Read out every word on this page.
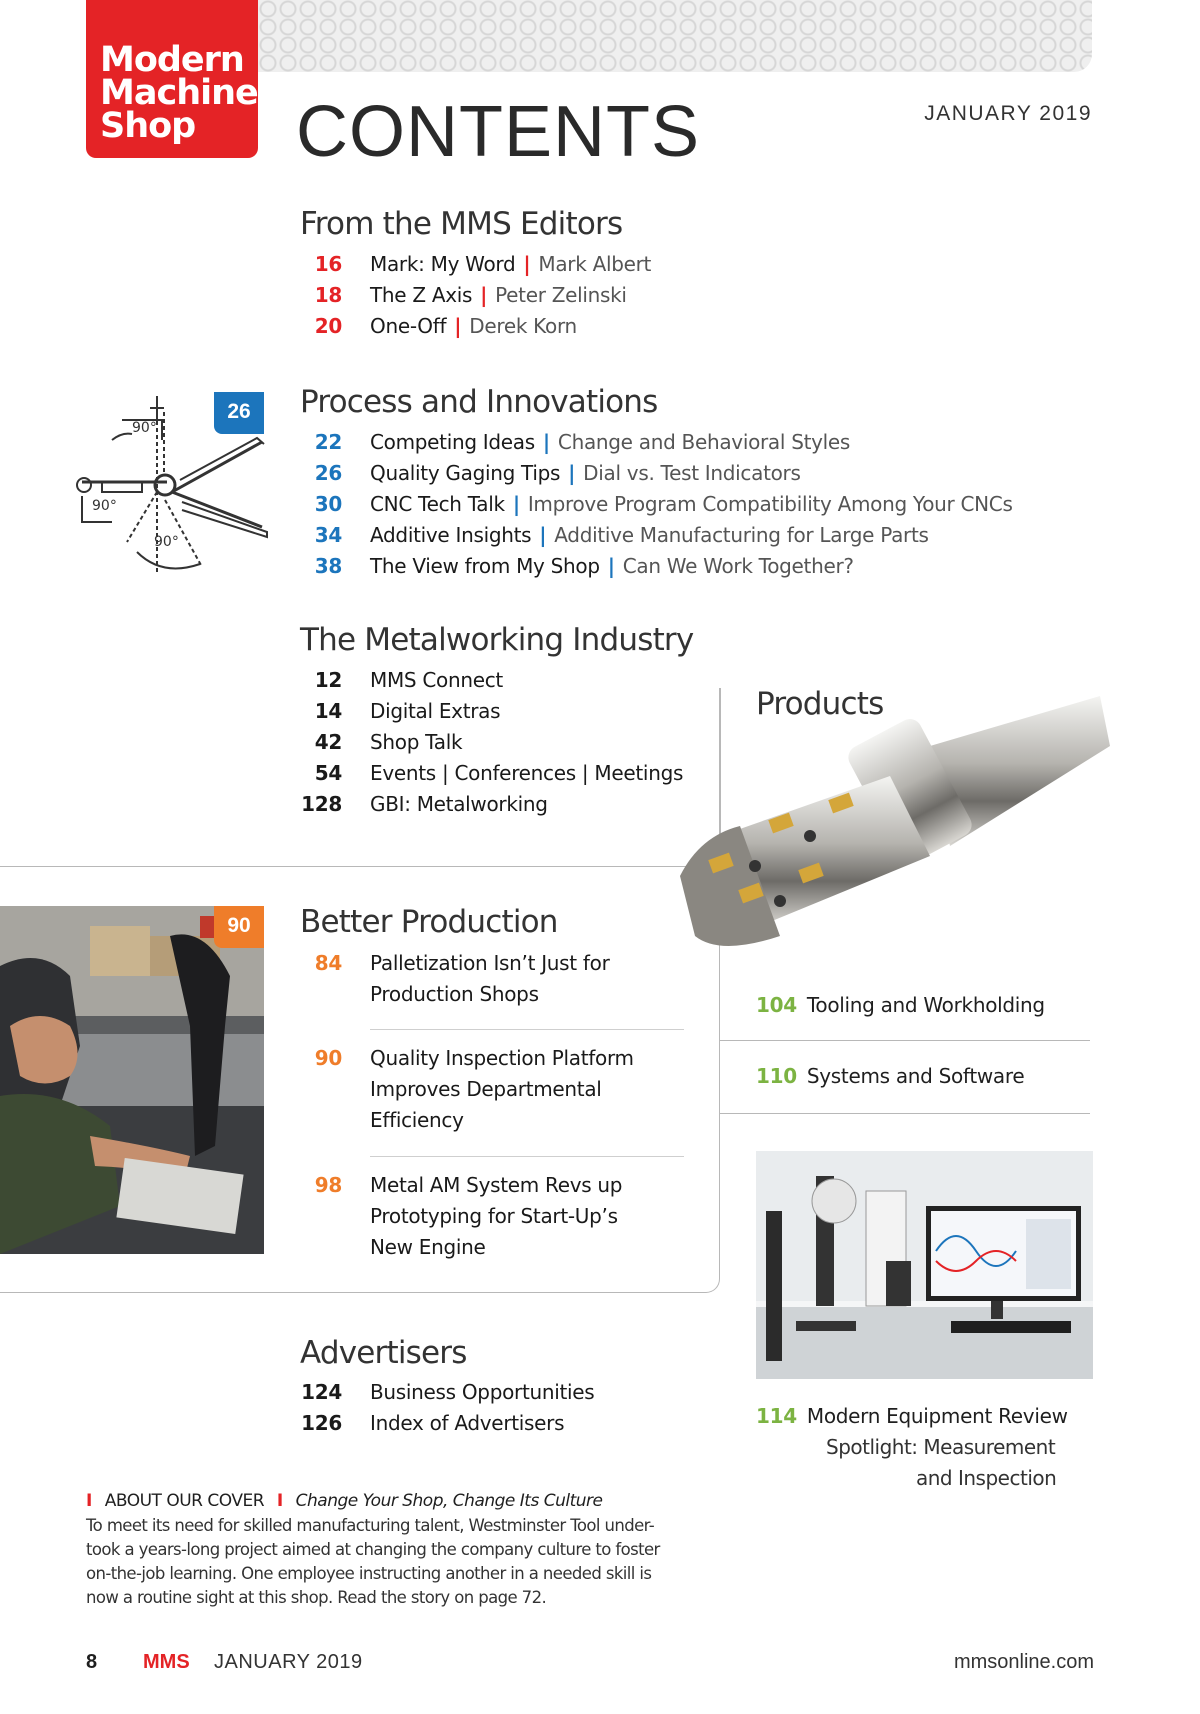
Modern
Machine
Shop CONTENTS	JANUARY 2019
From the MMS Editors
16 Mark: My Word | Mark Albert
18 The Z Axis | Peter Zelinski
20 One-Off | Derek Korn
90°
90°
90°
26	Process and Innovations
22 Competing Ideas | Change and Behavioral Styles
26 Quality Gaging Tips | Dial vs. Test Indicators
30 CNC Tech Talk | Improve Program Compatibility Among Your CNCs
34 Additive Insights | Additive Manufacturing for Large Parts
38 The View from My Shop | Can We Work Together?
The Metalworking Industry
12 MMS Connect
14 Digital Extras
42 Shop Talk
54 Events | Conferences | Meetings
128 GBI: Metalworking
90	Better Production
84 Palletization Isn’t Just for
Production Shops
90 Quality Inspection Platform
Improves Departmental
Efficiency
98 Metal AM System Revs up
Prototyping for Start-Up’s
New Engine
Products
104 Tooling and Workholding
110 Systems and Software
114 Modern Equipment Review
Spotlight: Measurement
and Inspection
Advertisers
124 Business Opportunities
126 Index of Advertisers
I ABOUT OUR COVER I Change Your Shop, Change Its Culture
To meet its need for skilled manufacturing talent, Westminster Tool under-
took a years-long project aimed at changing the company culture to foster
on-the-job learning. One employee instructing another in a needed skill is
now a routine sight at this shop. Read the story on page 72.
8 MMS JANUARY 2019	mmsonline.com
